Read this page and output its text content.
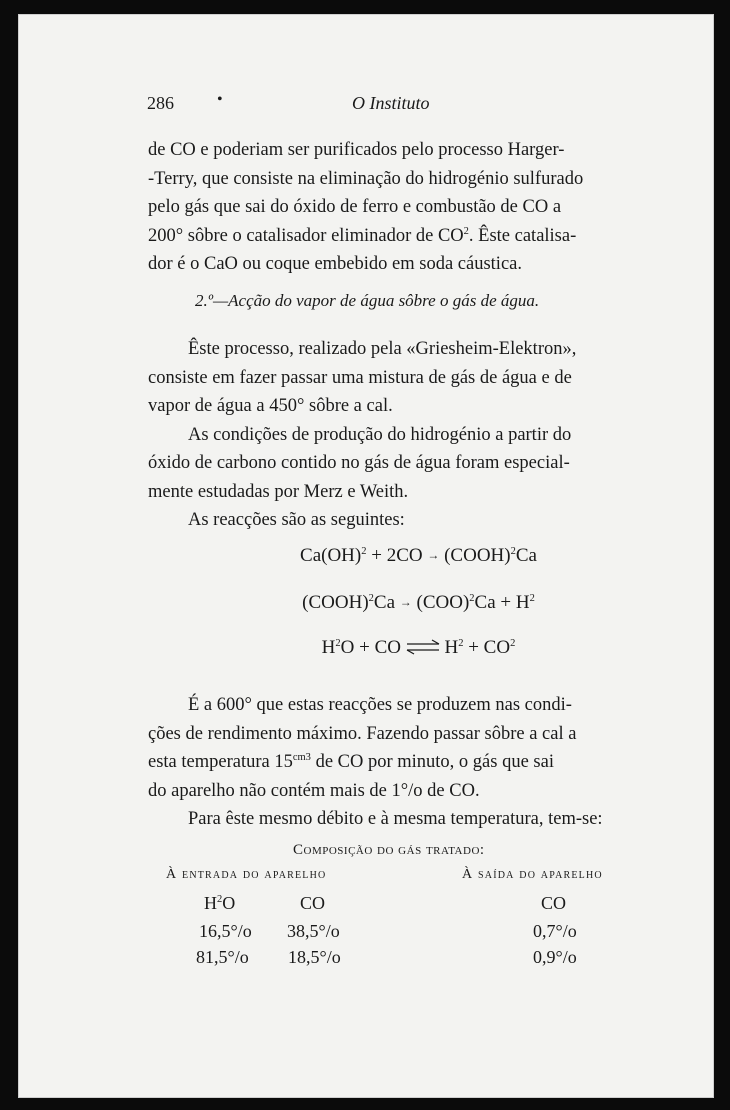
286	•	O Instituto

de CO e poderiam ser purificados pelo processo Harger-

-Terry, que consiste na eliminação do hidrogénio sulfurado

pelo gás que sai do óxido de ferro e combustão de CO a

200° sôbre o catalisador eliminador de $CO^2$. Êste catalisa-

dor é o CaO ou coque embebido em soda cáustica.

2.º—Acção do vapor de água sôbre o gás de água.

Êste processo, realizado pela «Griesheim-Elektron»,

consiste em fazer passar uma mistura de gás de água e de

vapor de água a 450° sôbre a cal.

As condições de produção do hidrogénio a partir do

óxido de carbono contido no gás de água foram especial-

mente estudadas por Merz e Weith.

As reacções são as seguintes:

Ca(OH)$^2$ + 2CO → (COOH)$^2$Ca
(COOH)$^2$Ca → $(COO)^2Ca + H^2$
$H^2O$ + CO ⇌ $H^2 + CO^2$

É a 600° que estas reacções se produzem nas condi-

ções de rendimento máximo. Fazendo passar sôbre a cal a

esta temperatura $15^{cm3}$ de CO por minuto, o gás que sai

do aparelho não contém mais de 1°/o de CO.

Para êste mesmo débito e à mesma temperatura, tem-se:

Composição do gás tratado:
À entrada do aparelho	À saída do aparelho
$H^2O$	CO	CO
16,5°/o 38,5°/o	0,7°/o
81,5°/o 18,5°/o	0,9°/o
